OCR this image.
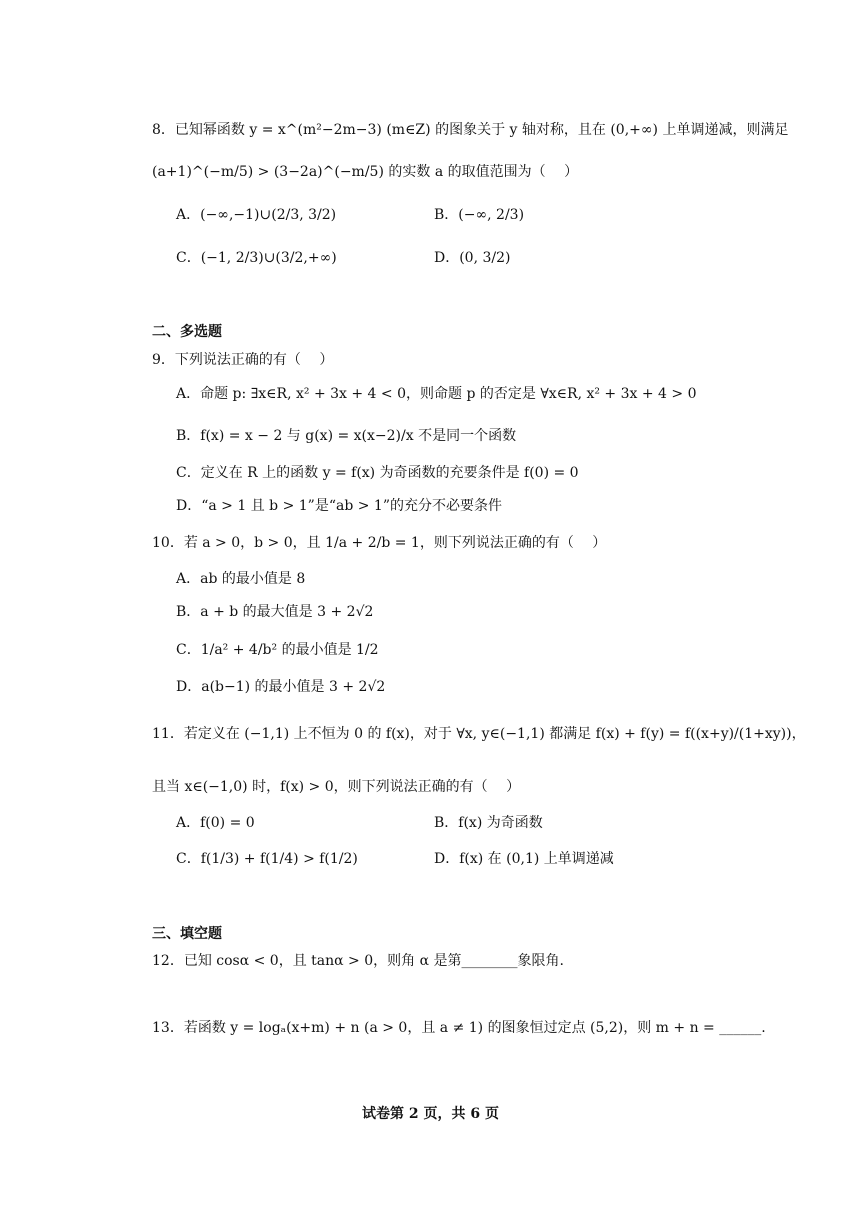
8．已知幂函数 y = x^(m²−2m−3) (m∈Z) 的图象关于 y 轴对称，且在 (0,+∞) 上单调递减，则满足
(a+1)^(−m/5) > (3−2a)^(−m/5) 的实数 a 的取值范围为（　 ）
A．(−∞,−1)∪(2/3, 3/2)	B．(−∞, 2/3)
C．(−1, 2/3)∪(3/2,+∞)	D．(0, 3/2)
二、多选题
9．下列说法正确的有（　 ）
A．命题 p: ∃x∈R, x² + 3x + 4 < 0，则命题 p 的否定是 ∀x∈R, x² + 3x + 4 > 0
B．f(x) = x − 2 与 g(x) = x(x−2)/x 不是同一个函数
C．定义在 R 上的函数 y = f(x) 为奇函数的充要条件是 f(0) = 0
D．“a > 1 且 b > 1”是“ab > 1”的充分不必要条件
10．若 a > 0，b > 0，且 1/a + 2/b = 1，则下列说法正确的有（　 ）
A．ab 的最小值是 8
B．a + b 的最大值是 3 + 2√2
C．1/a² + 4/b² 的最小值是 1/2
D．a(b−1) 的最小值是 3 + 2√2
11．若定义在 (−1,1) 上不恒为 0 的 f(x)，对于 ∀x, y∈(−1,1) 都满足 f(x) + f(y) = f((x+y)/(1+xy))，
且当 x∈(−1,0) 时，f(x) > 0，则下列说法正确的有（　 ）
A．f(0) = 0	B．f(x) 为奇函数
C．f(1/3) + f(1/4) > f(1/2)	D．f(x) 在 (0,1) 上单调递减
三、填空题
12．已知 cosα < 0，且 tanα > 0，则角 α 是第________象限角.
13．若函数 y = logₐ(x+m) + n (a > 0，且 a ≠ 1) 的图象恒过定点 (5,2)，则 m + n = ______.
试卷第 2 页，共 6 页
